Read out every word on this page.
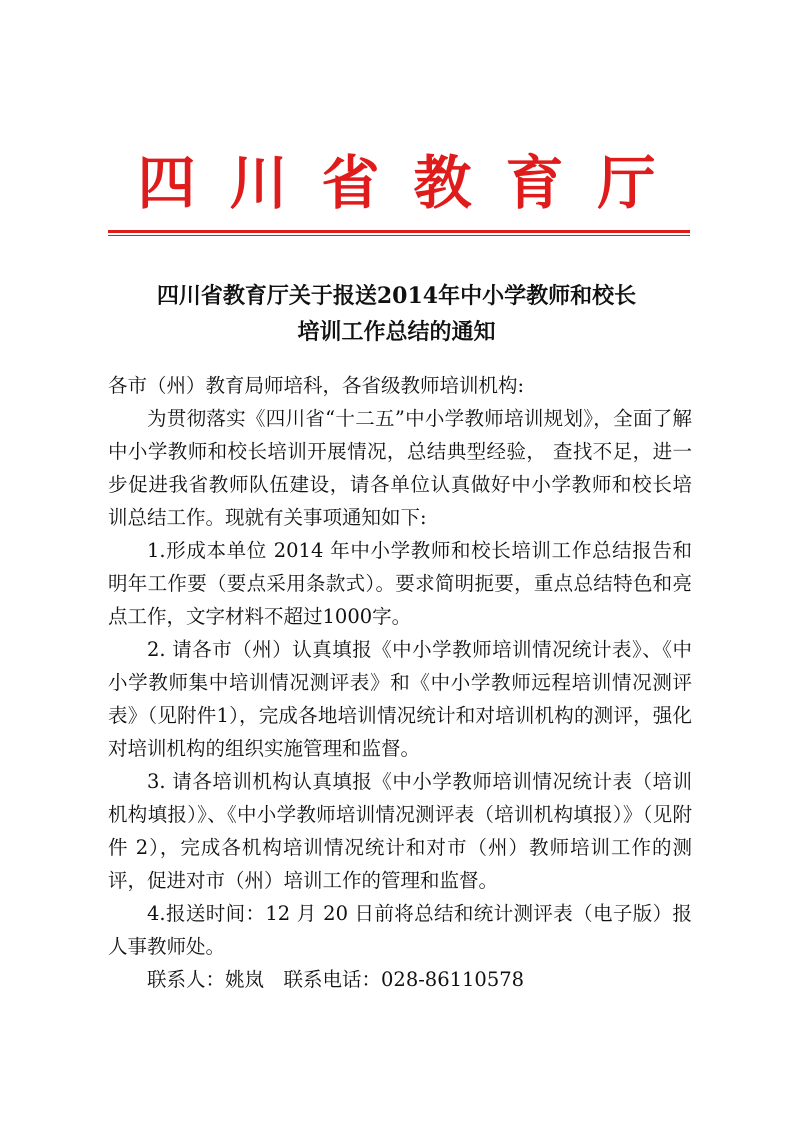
四川省教育厅
四川省教育厅关于报送2014年中小学教师和校长
培训工作总结的通知

各市（州）教育局师培科，各省级教师培训机构:

为贯彻落实《四川省“十二五”中小学教师培训规划》，全面了解中小学教师和校长培训开展情况，总结典型经验， 查找不足，进一步促进我省教师队伍建设，请各单位认真做好中小学教师和校长培训总结工作。现就有关事项通知如下:

1.形成本单位 2014 年中小学教师和校长培训工作总结报告和明年工作要（要点采用条款式）。要求简明扼要，重点总结特色和亮点工作，文字材料不超过1000字。

2. 请各市（州）认真填报《中小学教师培训情况统计表》、《中小学教师集中培训情况测评表》和《中小学教师远程培训情况测评表》（见附件1），完成各地培训情况统计和对培训机构的测评，强化对培训机构的组织实施管理和监督。

3. 请各培训机构认真填报《中小学教师培训情况统计表（培训机构填报）》、《中小学教师培训情况测评表（培训机构填报）》（见附件 2），完成各机构培训情况统计和对市（州）教师培训工作的测评，促进对市（州）培训工作的管理和监督。

4.报送时间：12 月 20 日前将总结和统计测评表（电子版）报人事教师处。

联系人：姚岚　联系电话：028-86110578
